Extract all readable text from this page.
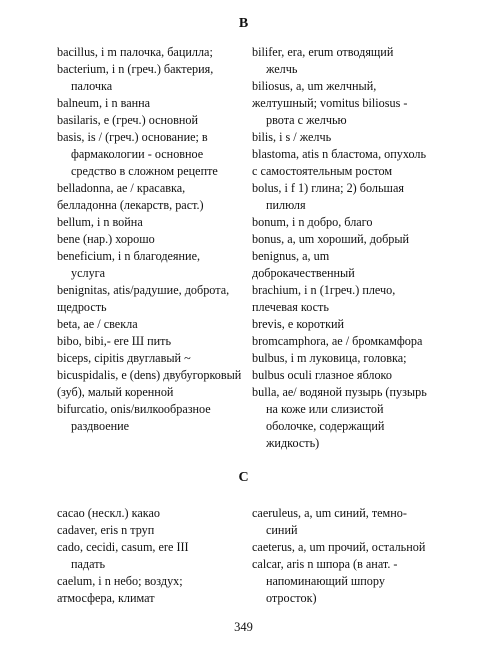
B
bacillus, i m палочка, бацилла;
bacterium, i n (греч.) бактерия,
палочка
balneum, i n ванна
basilaris, e (греч.) основной
basis, is / (греч.) основание; в
фармакологии - основное
средство в сложном рецепте
belladonna, ae / красавка, белладонна (лекарств, раст.)
bellum, i n война
bene (нар.) хорошо
beneficium, i n благодеяние,
услуга
benignitas, atis/радушие, доброта, щедрость
beta, ae / свекла
bibo, bibi,- ere Ш пить
biceps, cipitis двуглавый ~
bicuspidalis, e (dens) двубугорковый (зуб), малый коренной
bifurcatio, onis/вилкообразное
раздвоение
bilifer, era, erum отводящий
желчь
biliosus, a, um желчный, желтушный; vomitus biliosus -
рвота с желчью
bilis, i s / желчь
blastoma, atis n бластома, опухоль с самостоятельным ростом
bolus, i f 1) глина; 2) большая
пилюля
bonum, i n добро, благо
bonus, a, um хороший, добрый
benignus, a, um доброкачественный
brachium, i n (1греч.) плечо, плечевая кость
brevis, e короткий
bromcamphora, ae / бромкамфора
bulbus, i m луковица, головка;
bulbus oculi глазное яблоко
bulla, ae/ водяной пузырь (пузырь
на коже или слизистой оболочке, содержащий жидкость)
C
cacao (нескл.) какао
cadaver, eris n труп
cado, cecidi, casum, ere III
падать
caelum, i n небо; воздух; атмосфера, климат
caeruleus, a, um синий, темно-
синий
caeterus, a, um прочий, остальной
calcar, aris n шпора (в анат. -
напоминающий шпору отросток)
349
